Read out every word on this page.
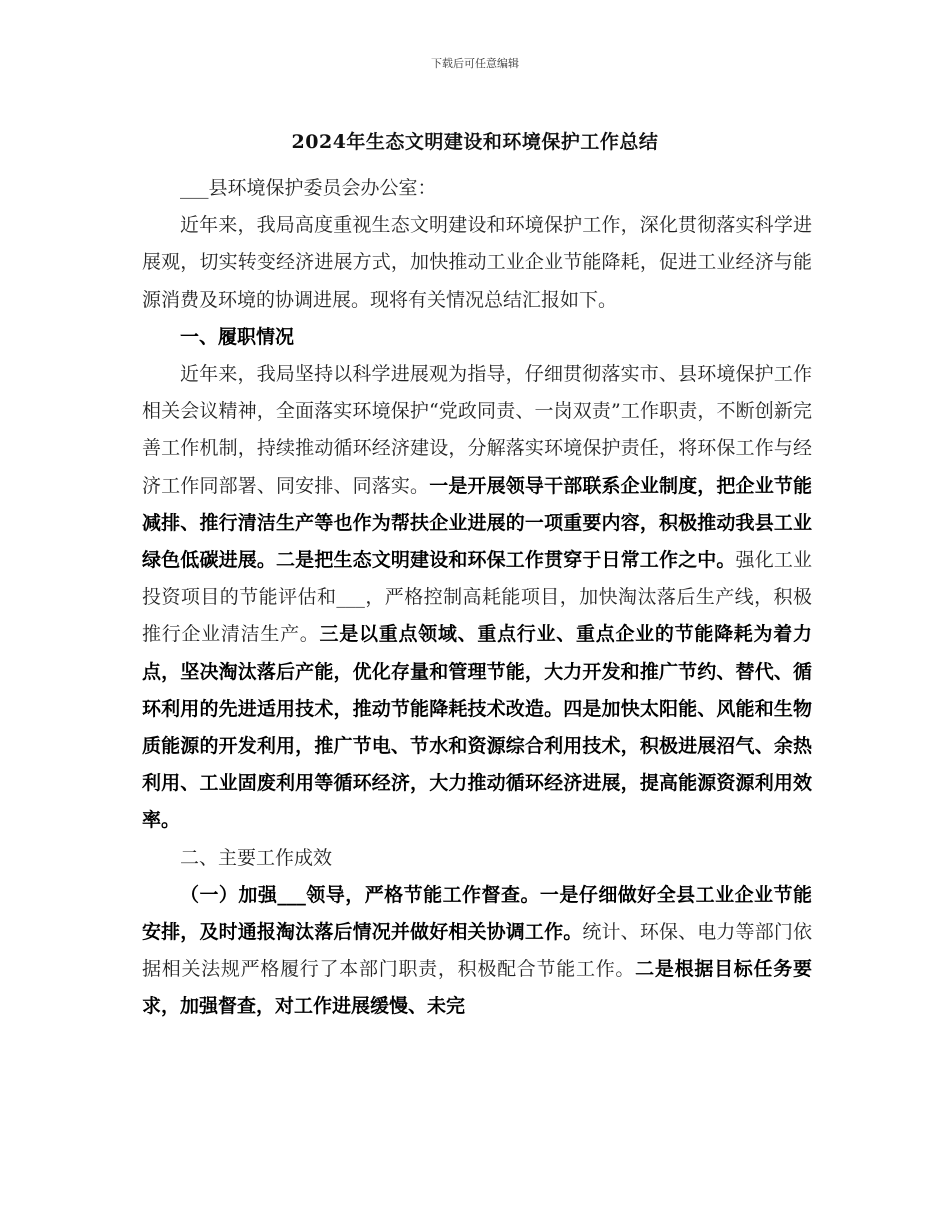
下载后可任意编辑
2024年生态文明建设和环境保护工作总结

___县环境保护委员会办公室：

近年来，我局高度重视生态文明建设和环境保护工作，深化贯彻落实科学进展观，切实转变经济进展方式，加快推动工业企业节能降耗，促进工业经济与能源消费及环境的协调进展。现将有关情况总结汇报如下。

一、履职情况

近年来，我局坚持以科学进展观为指导，仔细贯彻落实市、县环境保护工作相关会议精神，全面落实环境保护“党政同责、一岗双责”工作职责，不断创新完善工作机制，持续推动循环经济建设，分解落实环境保护责任，将环保工作与经济工作同部署、同安排、同落实。一是开展领导干部联系企业制度，把企业节能减排、推行清洁生产等也作为帮扶企业进展的一项重要内容，积极推动我县工业绿色低碳进展。二是把生态文明建设和环保工作贯穿于日常工作之中。强化工业投资项目的节能评估和___，严格控制高耗能项目，加快淘汰落后生产线，积极推行企业清洁生产。三是以重点领域、重点行业、重点企业的节能降耗为着力点，坚决淘汰落后产能，优化存量和管理节能，大力开发和推广节约、替代、循环利用的先进适用技术，推动节能降耗技术改造。四是加快太阳能、风能和生物质能源的开发利用，推广节电、节水和资源综合利用技术，积极进展沼气、余热利用、工业固废利用等循环经济，大力推动循环经济进展，提高能源资源利用效率。

二、主要工作成效

（一）加强___领导，严格节能工作督查。一是仔细做好全县工业企业节能安排，及时通报淘汰落后情况并做好相关协调工作。统计、环保、电力等部门依据相关法规严格履行了本部门职责，积极配合节能工作。二是根据目标任务要求，加强督查，对工作进展缓慢、未完
